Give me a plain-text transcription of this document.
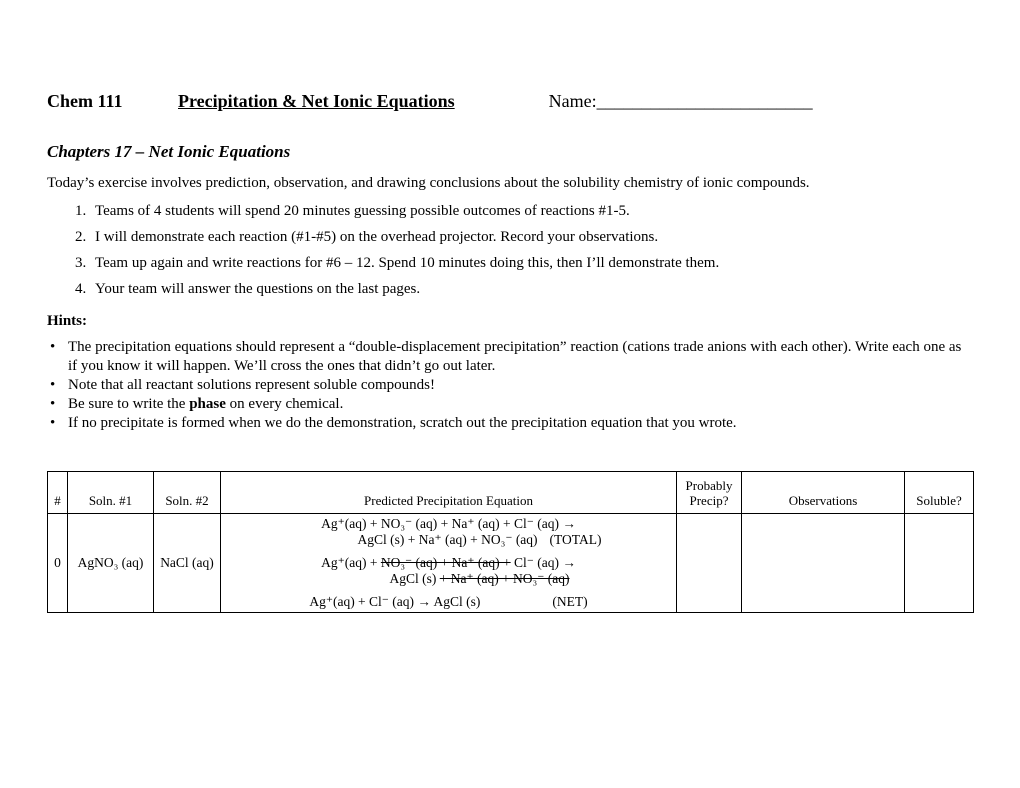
Chem 111	Precipitation & Net Ionic Equations	Name:________________________
Chapters 17 – Net Ionic Equations
Today’s exercise involves prediction, observation, and drawing conclusions about the solubility chemistry of ionic compounds.
1. Teams of 4 students will spend 20 minutes guessing possible outcomes of reactions #1-5.
2. I will demonstrate each reaction (#1-#5) on the overhead projector. Record your observations.
3. Team up again and write reactions for #6 – 12. Spend 10 minutes doing this, then I’ll demonstrate them.
4. Your team will answer the questions on the last pages.
Hints:
• The precipitation equations should represent a “double-displacement precipitation” reaction (cations trade anions with each other). Write each one as if you know it will happen. We’ll cross the ones that didn’t go out later.
• Note that all reactant solutions represent soluble compounds!
• Be sure to write the phase on every chemical.
• If no precipitate is formed when we do the demonstration, scratch out the precipitation equation that you wrote.
#	Soln. #1	Soln. #2	Predicted Precipitation Equation	Probably
Precip?	Observations	Soluble?
0	AgNO₃ (aq)	NaCl (aq)	Ag⁺(aq) + NO₃⁻ (aq) + Na⁺ (aq) + Cl⁻ (aq) →
AgCl (s) + Na⁺ (aq) + NO₃⁻ (aq) (TOTAL)
Ag⁺(aq) + NO₃⁻ (aq) + Na⁺ (aq) + Cl⁻ (aq) →
AgCl (s) + Na⁺ (aq) + NO₃⁻ (aq)
Ag⁺(aq) + Cl⁻ (aq) → AgCl (s) (NET)			
